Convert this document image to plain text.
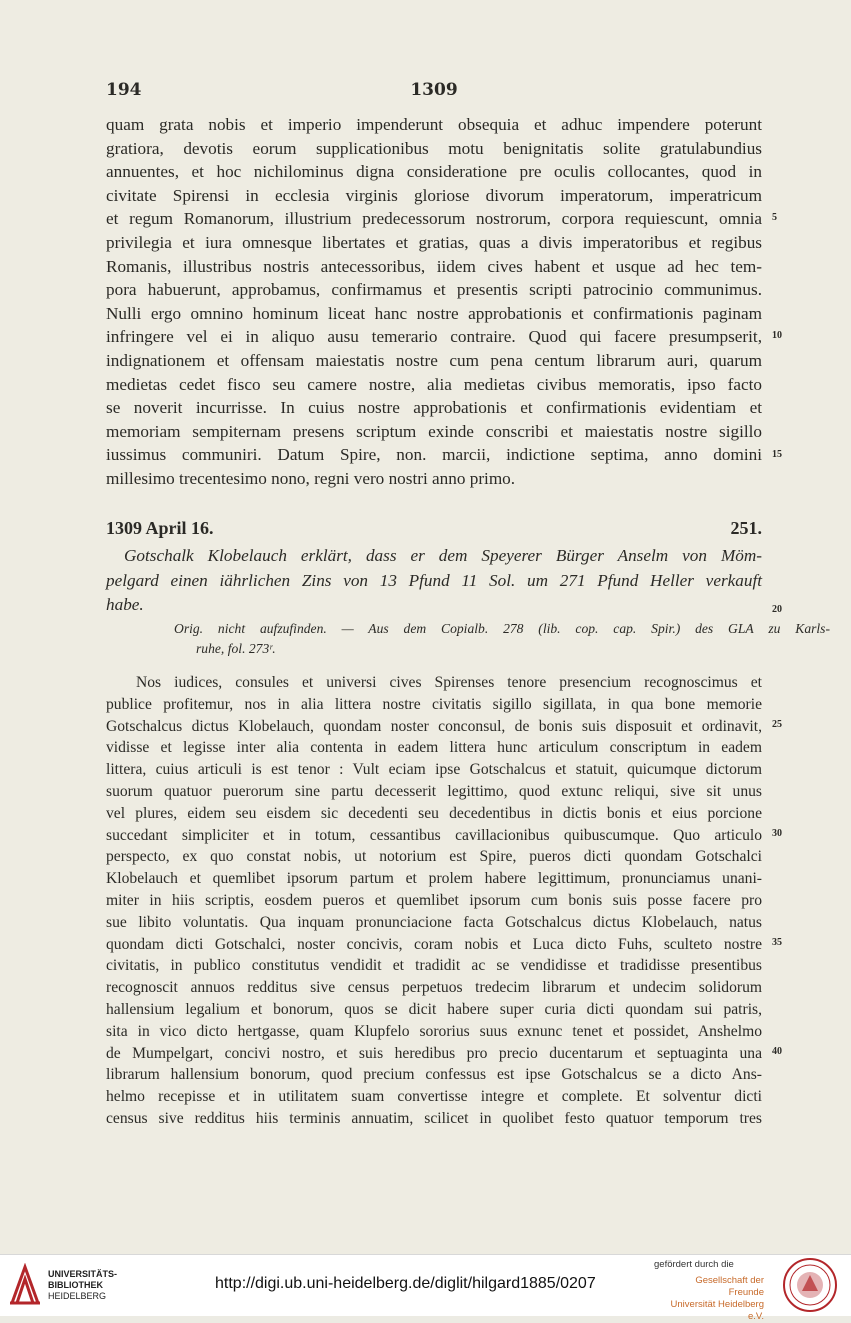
194	1309
quam grata nobis et imperio impenderunt obsequia et adhuc impendere poterunt
gratiora, devotis eorum supplicationibus motu benignitatis solite gratulabundius
annuentes, et hoc nichilominus digna consideratione pre oculis collocantes, quod in
civitate Spirensi in ecclesia virginis gloriose divorum imperatorum, imperatricum
et regum Romanorum, illustrium predecessorum nostrorum, corpora requiescunt, omnia
privilegia et iura omnesque libertates et gratias, quas a divis imperatoribus et regibus
Romanis, illustribus nostris antecessoribus, iidem cives habent et usque ad hec tem-
pora habuerunt, approbamus, confirmamus et presentis scripti patrocinio communimus.
Nulli ergo omnino hominum liceat hanc nostre approbationis et confirmationis paginam
infringere vel ei in aliquo ausu temerario contraire. Quod qui facere presumpserit,
indignationem et offensam maiestatis nostre cum pena centum librarum auri, quarum
medietas cedet fisco seu camere nostre, alia medietas civibus memoratis, ipso facto
se noverit incurrisse. In cuius nostre approbationis et confirmationis evidentiam et
memoriam sempiternam presens scriptum exinde conscribi et maiestatis nostre sigillo
iussimus communiri. Datum Spire, non. marcii, indictione septima, anno domini
millesimo trecentesimo nono, regni vero nostri anno primo.
5
10
15
1309 April 16.	251.
Gotschalk Klobelauch erklärt, dass er dem Speyerer Bürger Anselm von Möm-
pelgard einen iährlichen Zins von 13 Pfund 11 Sol. um 271 Pfund Heller verkauft
habe.
Orig. nicht aufzufinden. — Aus dem Copialb. 278 (lib. cop. cap. Spir.) des GLA zu Karls-
ruhe, fol. 273ʳ.
20
Nos iudices, consules et universi cives Spirenses tenore presencium recognoscimus et
publice profitemur, nos in alia littera nostre civitatis sigillo sigillata, in qua bone memorie
Gotschalcus dictus Klobelauch, quondam noster conconsul, de bonis suis disposuit et ordinavit,
vidisse et legisse inter alia contenta in eadem littera hunc articulum conscriptum in eadem
littera, cuius articuli is est tenor : Vult eciam ipse Gotschalcus et statuit, quicumque dictorum
suorum quatuor puerorum sine partu decesserit legittimo, quod extunc reliqui, sive sit unus
vel plures, eidem seu eisdem sic decedenti seu decedentibus in dictis bonis et eius porcione
succedant simpliciter et in totum, cessantibus cavillacionibus quibuscumque. Quo articulo
perspecto, ex quo constat nobis, ut notorium est Spire, pueros dicti quondam Gotschalci
Klobelauch et quemlibet ipsorum partum et prolem habere legittimum, pronunciamus unani-
miter in hiis scriptis, eosdem pueros et quemlibet ipsorum cum bonis suis posse facere pro
sue libito voluntatis. Qua inquam pronunciacione facta Gotschalcus dictus Klobelauch, natus
quondam dicti Gotschalci, noster concivis, coram nobis et Luca dicto Fuhs, sculteto nostre
civitatis, in publico constitutus vendidit et tradidit ac se vendidisse et tradidisse presentibus
recognoscit annuos redditus sive census perpetuos tredecim librarum et undecim solidorum
hallensium legalium et bonorum, quos se dicit habere super curia dicti quondam sui patris,
sita in vico dicto hertgasse, quam Klupfelo sororius suus exnunc tenet et possidet, Anshelmo
de Mumpelgart, concivi nostro, et suis heredibus pro precio ducentarum et septuaginta una
librarum hallensium bonorum, quod precium confessus est ipse Gotschalcus se a dicto Ans-
helmo recepisse et in utilitatem suam convertisse integre et complete. Et solventur dicti
census sive redditus hiis terminis annuatim, scilicet in quolibet festo quatuor temporum tres
25
30
35
40
UNIVERSITÄTS-
BIBLIOTHEK
HEIDELBERG
http://digi.ub.uni-heidelberg.de/diglit/hilgard1885/0207
gefördert durch die
Gesellschaft der Freunde
Universität Heidelberg e.V.
